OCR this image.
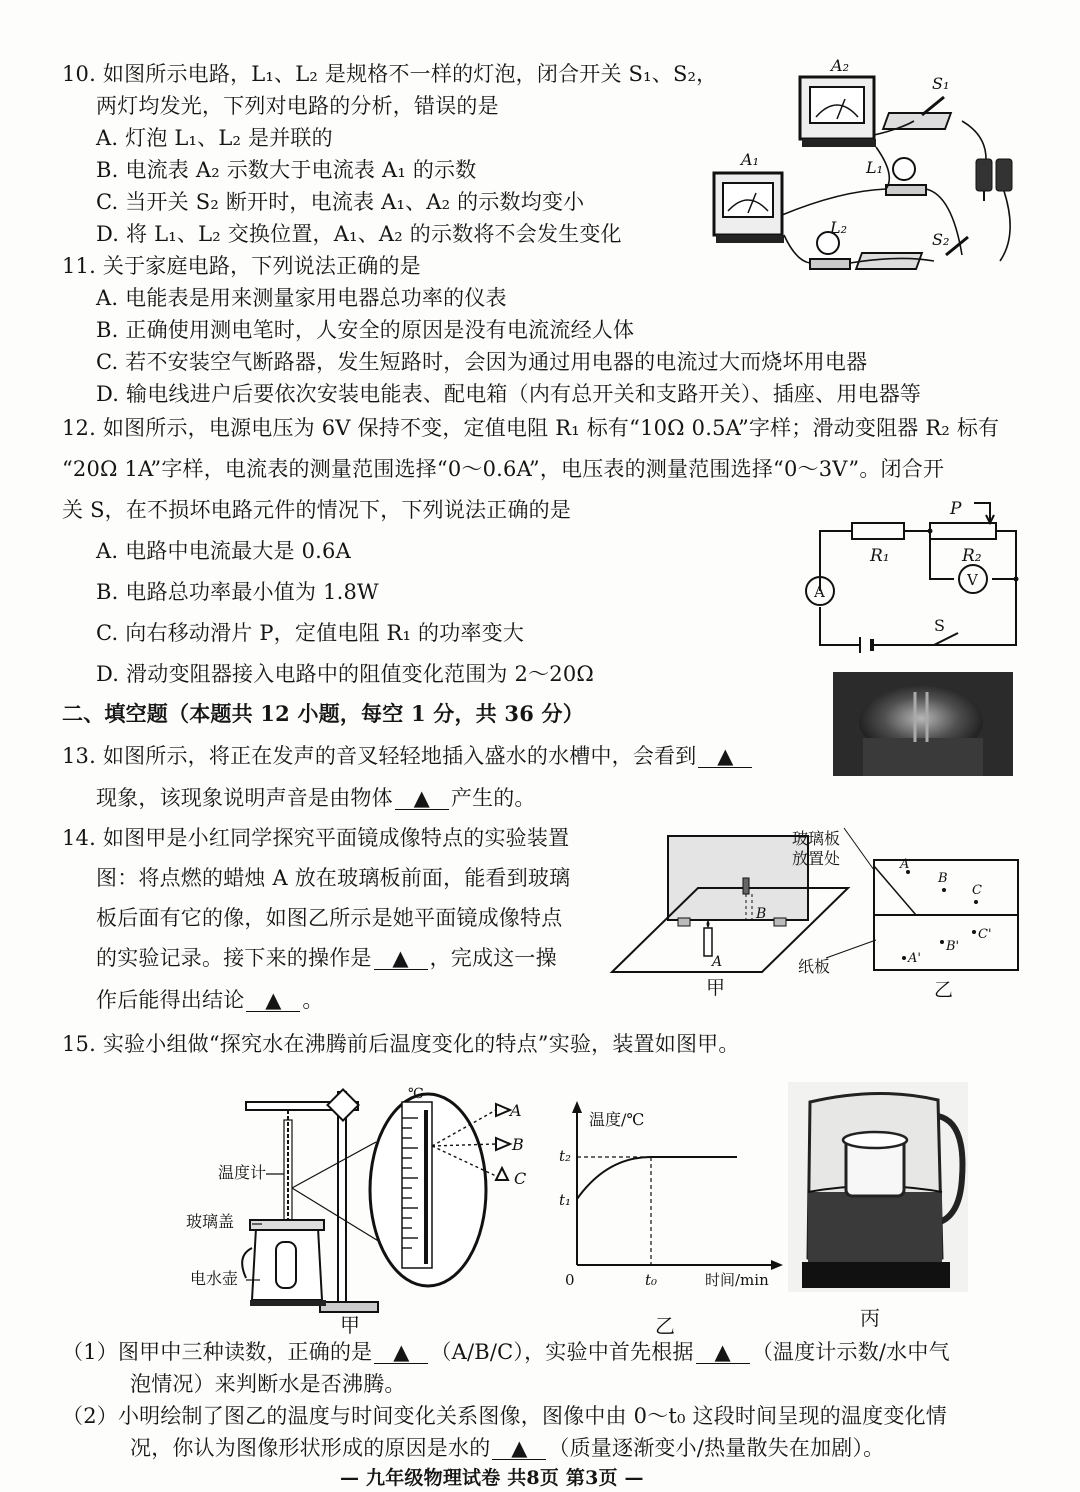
10. 如图所示电路，L₁、L₂ 是规格不一样的灯泡，闭合开关 S₁、S₂，
两灯均发光，下列对电路的分析，错误的是
A. 灯泡 L₁、L₂ 是并联的
B. 电流表 A₂ 示数大于电流表 A₁ 的示数
C. 当开关 S₂ 断开时，电流表 A₁、A₂ 的示数均变小
D. 将 L₁、L₂ 交换位置，A₁、A₂ 的示数将不会发生变化
A₂
S₁
A₁	L₁
L₂
S₂
11. 关于家庭电路，下列说法正确的是
A. 电能表是用来测量家用电器总功率的仪表
B. 正确使用测电笔时，人安全的原因是没有电流流经人体
C. 若不安装空气断路器，发生短路时，会因为通过用电器的电流过大而烧坏用电器
D. 输电线进户后要依次安装电能表、配电箱（内有总开关和支路开关）、插座、用电器等
12. 如图所示，电源电压为 6V 保持不变，定值电阻 R₁ 标有“10Ω 0.5A”字样；滑动变阻器 R₂ 标有
“20Ω 1A”字样，电流表的测量范围选择“0～0.6A”，电压表的测量范围选择“0～3V”。闭合开
关 S，在不损坏电路元件的情况下，下列说法正确的是
A. 电路中电流最大是 0.6A
B. 电路总功率最小值为 1.8W
C. 向右移动滑片 P，定值电阻 R₁ 的功率变大
D. 滑动变阻器接入电路中的阻值变化范围为 2～20Ω
P
R₁	R₂
A
V
S
二、填空题（本题共 12 小题，每空 1 分，共 36 分）
13. 如图所示，将正在发声的音叉轻轻地插入盛水的水槽中，会看到 ▲
现象，该现象说明声音是由物体 ▲ 产生的。
14. 如图甲是小红同学探究平面镜成像特点的实验装置
图：将点燃的蜡烛 A 放在玻璃板前面，能看到玻璃
板后面有它的像，如图乙所示是她平面镜成像特点
的实验记录。接下来的操作是 ▲ ，完成这一操
作后能得出结论 ▲ 。
A
B
甲
玻璃板
放置处
纸板
A
B
C
A'
B'
C'
乙
15. 实验小组做“探究水在沸腾前后温度变化的特点”实验，装置如图甲。
温度计
玻璃盖
电水壶
℃
A
B
C
甲
温度/℃
时间/min
t₂
t₁
0	t₀
乙	丙
（1）图甲中三种读数，正确的是 ▲ （A/B/C），实验中首先根据 ▲ （温度计示数/水中气
泡情况）来判断水是否沸腾。
（2）小明绘制了图乙的温度与时间变化关系图像，图像中由 0～t₀ 这段时间呈现的温度变化情
况，你认为图像形状形成的原因是水的 ▲ （质量逐渐变小/热量散失在加剧）。
— 九年级物理试卷 共8页 第3页 —
